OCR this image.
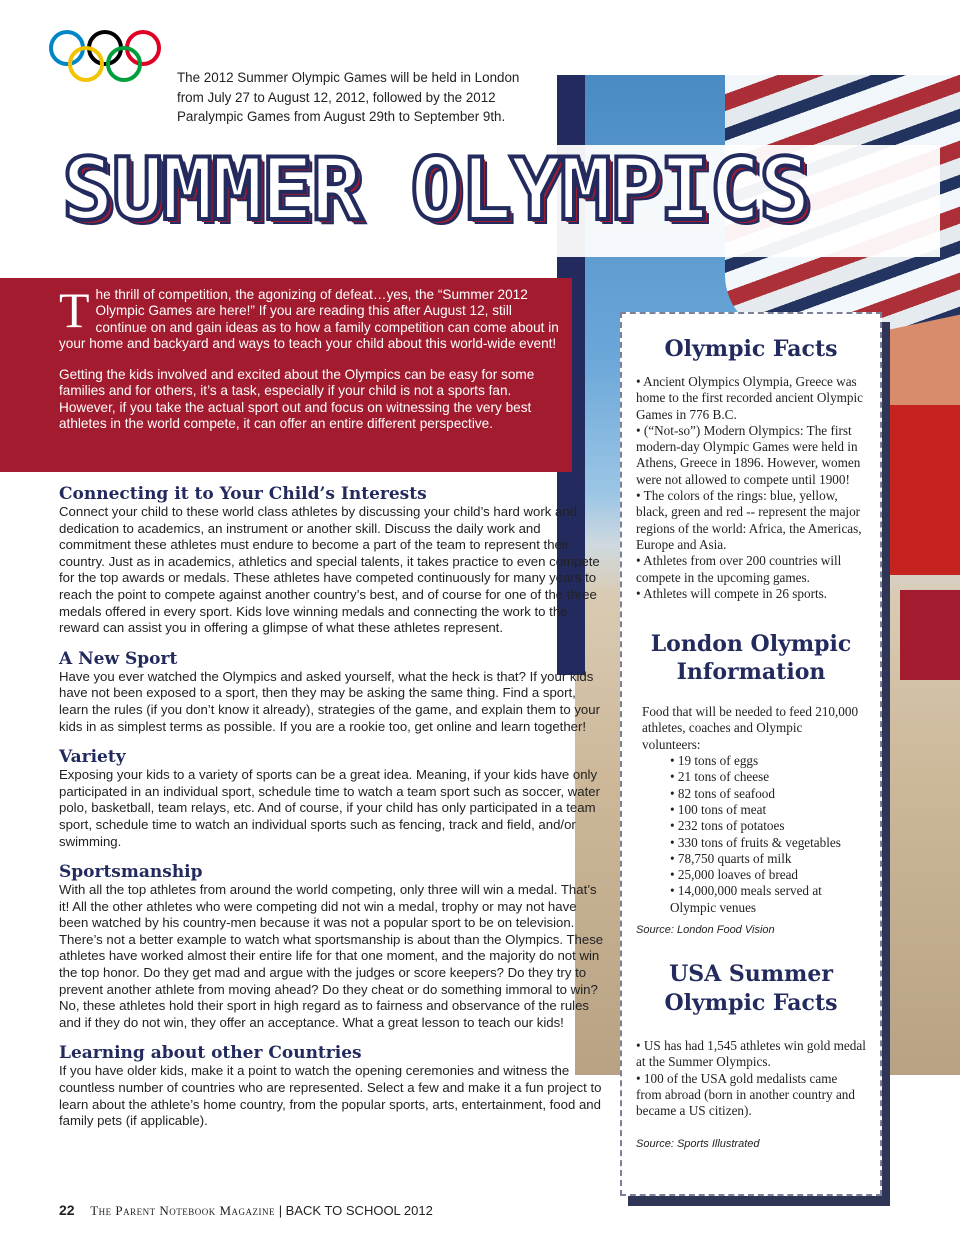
The 2012 Summer Olympic Games will be held in London from July 27 to August 12, 2012, followed by the 2012 Paralympic Games from August 29th to September 9th.
SUMMER OLYMPICS

The thrill of competition, the agonizing of defeat…yes, the “Summer 2012 Olympic Games are here!” If you are reading this after August 12, still continue on and gain ideas as to how a family competition can come about in your home and backyard and ways to teach your child about this world-wide event!

Getting the kids involved and excited about the Olympics can be easy for some families and for others, it’s a task, especially if your child is not a sports fan. However, if you take the actual sport out and focus on witnessing the very best athletes in the world compete, it can offer an entire different perspective.

Connecting it to Your Child’s Interests

Connect your child to these world class athletes by discussing your child’s hard work and dedication to academics, an instrument or another skill. Discuss the daily work and commitment these athletes must endure to become a part of the team to represent their country. Just as in academics, athletics and special talents, it takes practice to even compete for the top awards or medals. These athletes have competed continuously for many years to reach the point to compete against another country’s best, and of course for one of the three medals offered in every sport. Kids love winning medals and connecting the work to the reward can assist you in offering a glimpse of what these athletes represent.

A New Sport

Have you ever watched the Olympics and asked yourself, what the heck is that? If your kids have not been exposed to a sport, then they may be asking the same thing. Find a sport, learn the rules (if you don’t know it already), strategies of the game, and explain them to your kids in as simplest terms as possible. If you are a rookie too, get online and learn together!

Variety

Exposing your kids to a variety of sports can be a great idea. Meaning, if your kids have only participated in an individual sport, schedule time to watch a team sport such as soccer, water polo, basketball, team relays, etc. And of course, if your child has only participated in a team sport, schedule time to watch an individual sports such as fencing, track and field, and/or swimming.

Sportsmanship

With all the top athletes from around the world competing, only three will win a medal. That’s it! All the other athletes who were competing did not win a medal, trophy or may not have been watched by his country-men because it was not a popular sport to be on television. There’s not a better example to watch what sportsmanship is about than the Olympics. These athletes have worked almost their entire life for that one moment, and the majority do not win the top honor. Do they get mad and argue with the judges or score keepers? Do they try to prevent another athlete from moving ahead? Do they cheat or do something immoral to win? No, these athletes hold their sport in high regard as to fairness and observance of the rules and if they do not win, they offer an acceptance. What a great lesson to teach our kids!

Learning about other Countries

If you have older kids, make it a point to watch the opening ceremonies and witness the countless number of countries who are represented. Select a few and make it a fun project to learn about the athlete’s home country, from the popular sports, arts, entertainment, food and family pets (if applicable).

Olympic Facts
• Ancient Olympics Olympia, Greece was home to the first recorded ancient Olympic Games in 776 B.C.
• (“Not-so”) Modern Olympics: The first modern-day Olympic Games were held in Athens, Greece in 1896. However, women were not allowed to compete until 1900!
• The colors of the rings: blue, yellow, black, green and red -- represent the major regions of the world: Africa, the Americas, Europe and Asia.
• Athletes from over 200 countries will compete in the upcoming games.
• Athletes will compete in 26 sports.
London Olympic Information
Food that will be needed to feed 210,000 athletes, coaches and Olympic volunteers:
• 19 tons of eggs
• 21 tons of cheese
• 82 tons of seafood
• 100 tons of meat
• 232 tons of potatoes
• 330 tons of fruits & vegetables
• 78,750 quarts of milk
• 25,000 loaves of bread
• 14,000,000 meals served at Olympic venues
Source: London Food Vision
USA Summer Olympic Facts
• US has had 1,545 athletes win gold medal at the Summer Olympics.
• 100 of the USA gold medalists came from abroad (born in another country and became a US citizen).
Source: Sports Illustrated
22 The Parent Notebook Magazine | BACK TO SCHOOL 2012
